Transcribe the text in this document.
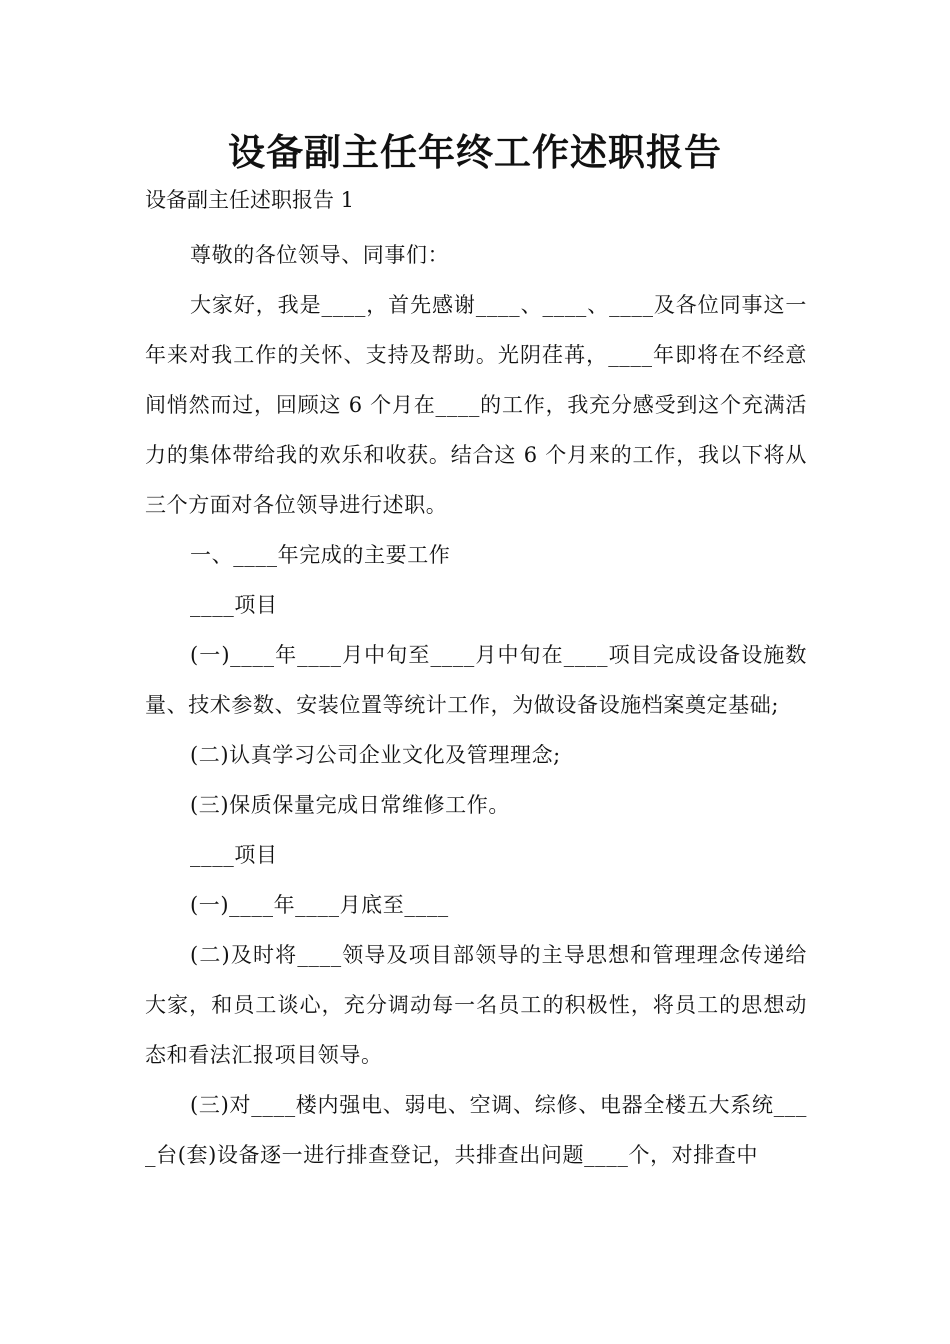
设备副主任年终工作述职报告

设备副主任述职报告 1

尊敬的各位领导、同事们：

大家好，我是____，首先感谢____、____、____及各位同事这一年来对我工作的关怀、支持及帮助。光阴荏苒，____年即将在不经意间悄然而过，回顾这 6 个月在____的工作，我充分感受到这个充满活力的集体带给我的欢乐和收获。结合这 6 个月来的工作，我以下将从三个方面对各位领导进行述职。

一、____年完成的主要工作

____项目

(一)____年____月中旬至____月中旬在____项目完成设备设施数量、技术参数、安装位置等统计工作，为做设备设施档案奠定基础;

(二)认真学习公司企业文化及管理理念;

(三)保质保量完成日常维修工作。

____项目

(一)____年____月底至____

(二)及时将____领导及项目部领导的主导思想和管理理念传递给大家，和员工谈心，充分调动每一名员工的积极性，将员工的思想动态和看法汇报项目领导。

(三)对____楼内强电、弱电、空调、综修、电器全楼五大系统____台(套)设备逐一进行排查登记，共排查出问题____个，对排查中
